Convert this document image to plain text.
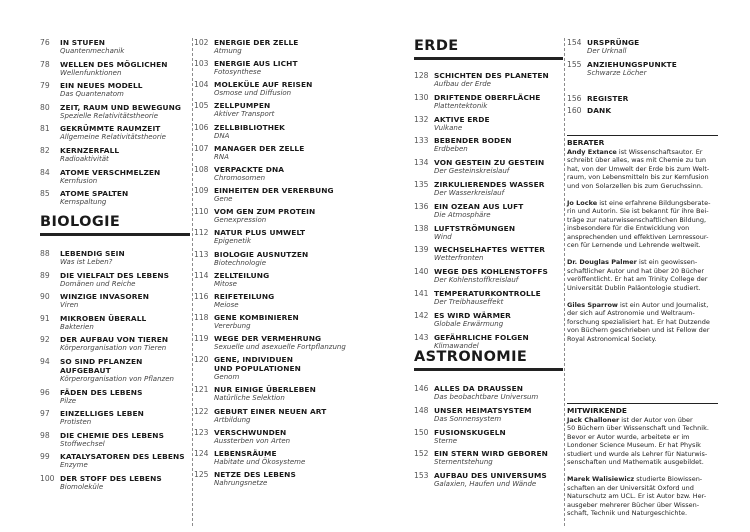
76 IN STUFEN
Quantenmechanik
78 WELLEN DES MÖGLICHEN
Wellenfunktionen
79 EIN NEUES MODELL
Das Quantenatom
80 ZEIT, RAUM UND BEWEGUNG
Spezielle Relativitätstheorie
81 GEKRÜMMTE RAUMZEIT
Allgemeine Relativitätstheorie
82 KERNZERFALL
Radioaktivität
84 ATOME VERSCHMELZEN
Kernfusion
85 ATOME SPALTEN
Kernspaltung
BIOLOGIE
88 LEBENDIG SEIN
Was ist Leben?
89 DIE VIELFALT DES LEBENS
Domänen und Reiche
90 WINZIGE INVASOREN
Viren
91 MIKROBEN ÜBERALL
Bakterien
92 DER AUFBAU VON TIEREN
Körperorganisation von Tieren
94 SO SIND PFLANZEN
AUFGEBAUT
Körperorganisation von Pflanzen
96 FÄDEN DES LEBENS
Pilze
97 EINZELLIGES LEBEN
Protisten
98 DIE CHEMIE DES LEBENS
Stoffwechsel
99 KATALYSATOREN DES LEBENS
Enzyme
100 DER STOFF DES LEBENS
Biomoleküle
102 ENERGIE DER ZELLE
Atmung
103 ENERGIE AUS LICHT
Fotosynthese
104 MOLEKÜLE AUF REISEN
Osmose und Diffusion
105 ZELLPUMPEN
Aktiver Transport
106 ZELLBIBLIOTHEK
DNA
107 MANAGER DER ZELLE
RNA
108 VERPACKTE DNA
Chromosomen
109 EINHEITEN DER VERERBUNG
Gene
110 VOM GEN ZUM PROTEIN
Genexpression
112 NATUR PLUS UMWELT
Epigenetik
113 BIOLOGIE AUSNUTZEN
Biotechnologie
114 ZELLTEILUNG
Mitose
116 REIFETEILUNG
Meiose
118 GENE KOMBINIEREN
Vererbung
119 WEGE DER VERMEHRUNG
Sexuelle und asexuelle Fortpflanzung
120 GENE, INDIVIDUEN
UND POPULATIONEN
Genom
121 NUR EINIGE ÜBERLEBEN
Natürliche Selektion
122 GEBURT EINER NEUEN ART
Artbildung
123 VERSCHWUNDEN
Aussterben von Arten
124 LEBENSRÄUME
Habitate und Ökosysteme
125 NETZE DES LEBENS
Nahrungsnetze
ERDE
128 SCHICHTEN DES PLANETEN
Aufbau der Erde
130 DRIFTENDE OBERFLÄCHE
Plattentektonik
132 AKTIVE ERDE
Vulkane
133 BEBENDER BODEN
Erdbeben
134 VON GESTEIN ZU GESTEIN
Der Gesteinskreislauf
135 ZIRKULIERENDES WASSER
Der Wasserkreislauf
136 EIN OZEAN AUS LUFT
Die Atmosphäre
138 LUFTSTRÖMUNGEN
Wind
139 WECHSELHAFTES WETTER
Wetterfronten
140 WEGE DES KOHLENSTOFFS
Der Kohlenstoffkreislauf
141 TEMPERATURKONTROLLE
Der Treibhauseffekt
142 ES WIRD WÄRMER
Globale Erwärmung
143 GEFÄHRLICHE FOLGEN
Klimawandel
ASTRONOMIE
146 ALLES DA DRAUSSEN
Das beobachtbare Universum
148 UNSER HEIMATSYSTEM
Das Sonnensystem
150 FUSIONSKUGELN
Sterne
152 EIN STERN WIRD GEBOREN
Sternentstehung
153 AUFBAU DES UNIVERSUMS
Galaxien, Haufen und Wände
154 URSPRÜNGE
Der Urknall
155 ANZIEHUNGSPUNKTE
Schwarze Löcher
156 REGISTER
160 DANK
BERATER
Andy Extance ist Wissenschaftsautor. Er
schreibt über alles, was mit Chemie zu tun
hat, von der Umwelt der Erde bis zum Welt-
raum, von Lebensmitteln bis zur Kernfusion
und von Solarzellen bis zum Geruchssinn.
Jo Locke ist eine erfahrene Bildungsberate-
rin und Autorin. Sie ist bekannt für ihre Bei-
träge zur naturwissenschaftlichen Bildung,
insbesondere für die Entwicklung von
ansprechenden und effektiven Lernressour-
cen für Lernende und Lehrende weltweit.
Dr. Douglas Palmer ist ein geowissen-
schaftlicher Autor und hat über 20 Bücher
veröffentlicht. Er hat am Trinity College der
Universität Dublin Paläontologie studiert.
Giles Sparrow ist ein Autor und Journalist,
der sich auf Astronomie und Weltraum-
forschung spezialisiert hat. Er hat Dutzende
von Büchern geschrieben und ist Fellow der
Royal Astronomical Society.
MITWIRKENDE
Jack Challoner ist der Autor von über
50 Büchern über Wissenschaft und Technik.
Bevor er Autor wurde, arbeitete er im
Londoner Science Museum. Er hat Physik
studiert und wurde als Lehrer für Naturwis-
senschaften und Mathematik ausgebildet.
Marek Walisiewicz studierte Biowissen-
schaften an der Universität Oxford und
Naturschutz am UCL. Er ist Autor bzw. Her-
ausgeber mehrerer Bücher über Wissen-
schaft, Technik und Naturgeschichte.
